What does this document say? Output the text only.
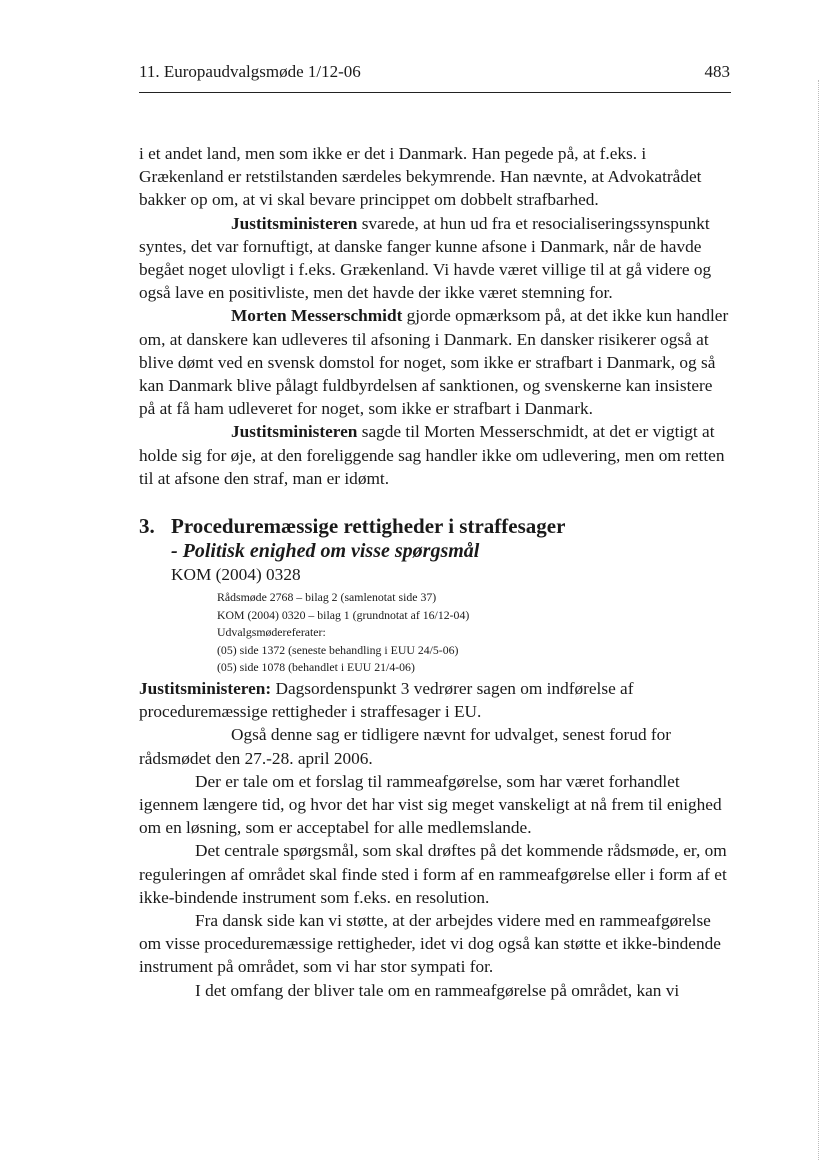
11. Europaudvalgsmøde 1/12-06	483

i et andet land, men som ikke er det i Danmark. Han pegede på, at f.eks. i Grækenland er retstilstanden særdeles bekymrende. Han nævnte, at Advokatrådet bakker op om, at vi skal bevare princippet om dobbelt strafbarhed.

Justitsministeren svarede, at hun ud fra et resocialiseringssynspunkt syntes, det var fornuftigt, at danske fanger kunne afsone i Danmark, når de havde begået noget ulovligt i f.eks. Grækenland. Vi havde været villige til at gå videre og også lave en positivliste, men det havde der ikke været stemning for.

Morten Messerschmidt gjorde opmærksom på, at det ikke kun handler om, at danskere kan udleveres til afsoning i Danmark. En dansker risikerer også at blive dømt ved en svensk domstol for noget, som ikke er strafbart i Danmark, og så kan Danmark blive pålagt fuldbyrdelsen af sanktionen, og svenskerne kan insistere på at få ham udleveret for noget, som ikke er strafbart i Danmark.

Justitsministeren sagde til Morten Messerschmidt, at det er vigtigt at holde sig for øje, at den foreliggende sag handler ikke om udlevering, men om retten til at afsone den straf, man er idømt.

3. Proceduremæssige rettigheder i straffesager
- Politisk enighed om visse spørgsmål
KOM (2004) 0328
Rådsmøde 2768 – bilag 2 (samlenotat side 37)
KOM (2004) 0320 – bilag 1 (grundnotat af 16/12-04)
Udvalgsmødereferater:
(05) side 1372 (seneste behandling i EUU 24/5-06)
(05) side 1078 (behandlet i EUU 21/4-06)

Justitsministeren: Dagsordenspunkt 3 vedrører sagen om indførelse af proceduremæssige rettigheder i straffesager i EU.

Også denne sag er tidligere nævnt for udvalget, senest forud for rådsmødet den 27.-28. april 2006.

Der er tale om et forslag til rammeafgørelse, som har været forhandlet igennem længere tid, og hvor det har vist sig meget vanskeligt at nå frem til enighed om en løsning, som er acceptabel for alle medlemslande.

Det centrale spørgsmål, som skal drøftes på det kommende rådsmøde, er, om reguleringen af området skal finde sted i form af en rammeafgørelse eller i form af et ikke-bindende instrument som f.eks. en resolution.

Fra dansk side kan vi støtte, at der arbejdes videre med en rammeafgørelse om visse proceduremæssige rettigheder, idet vi dog også kan støtte et ikke-bindende instrument på området, som vi har stor sympati for.

I det omfang der bliver tale om en rammeafgørelse på området, kan vi
